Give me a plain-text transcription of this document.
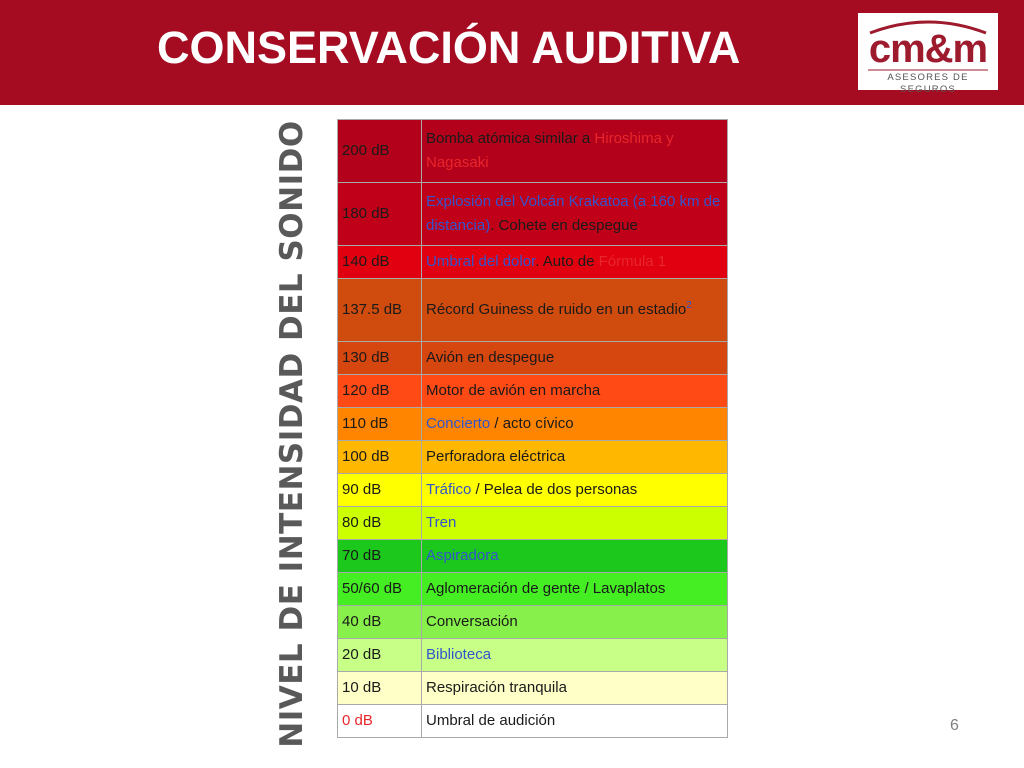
CONSERVACIÓN AUDITIVA	cm&m
ASESORES DE SEGUROS
NIVEL DE INTENSIDAD DEL SONIDO 200 dB	Bomba atómica similar a Hiroshima y Nagasaki
180 dB	Explosión del Volcán Krakatoa (a 160 km de distancia). Cohete en despegue
140 dB	Umbral del dolor. Auto de Fórmula 1
137.5 dB	Récord Guiness de ruido en un estadio$^2$
130 dB	Avión en despegue
120 dB	Motor de avión en marcha
110 dB	Concierto / acto cívico
100 dB	Perforadora eléctrica
90 dB	Tráfico / Pelea de dos personas
80 dB	Tren
70 dB	Aspiradora
50/60 dB	Aglomeración de gente / Lavaplatos
40 dB	Conversación
20 dB	Biblioteca
10 dB	Respiración tranquila
0 dB	Umbral de audición	6
